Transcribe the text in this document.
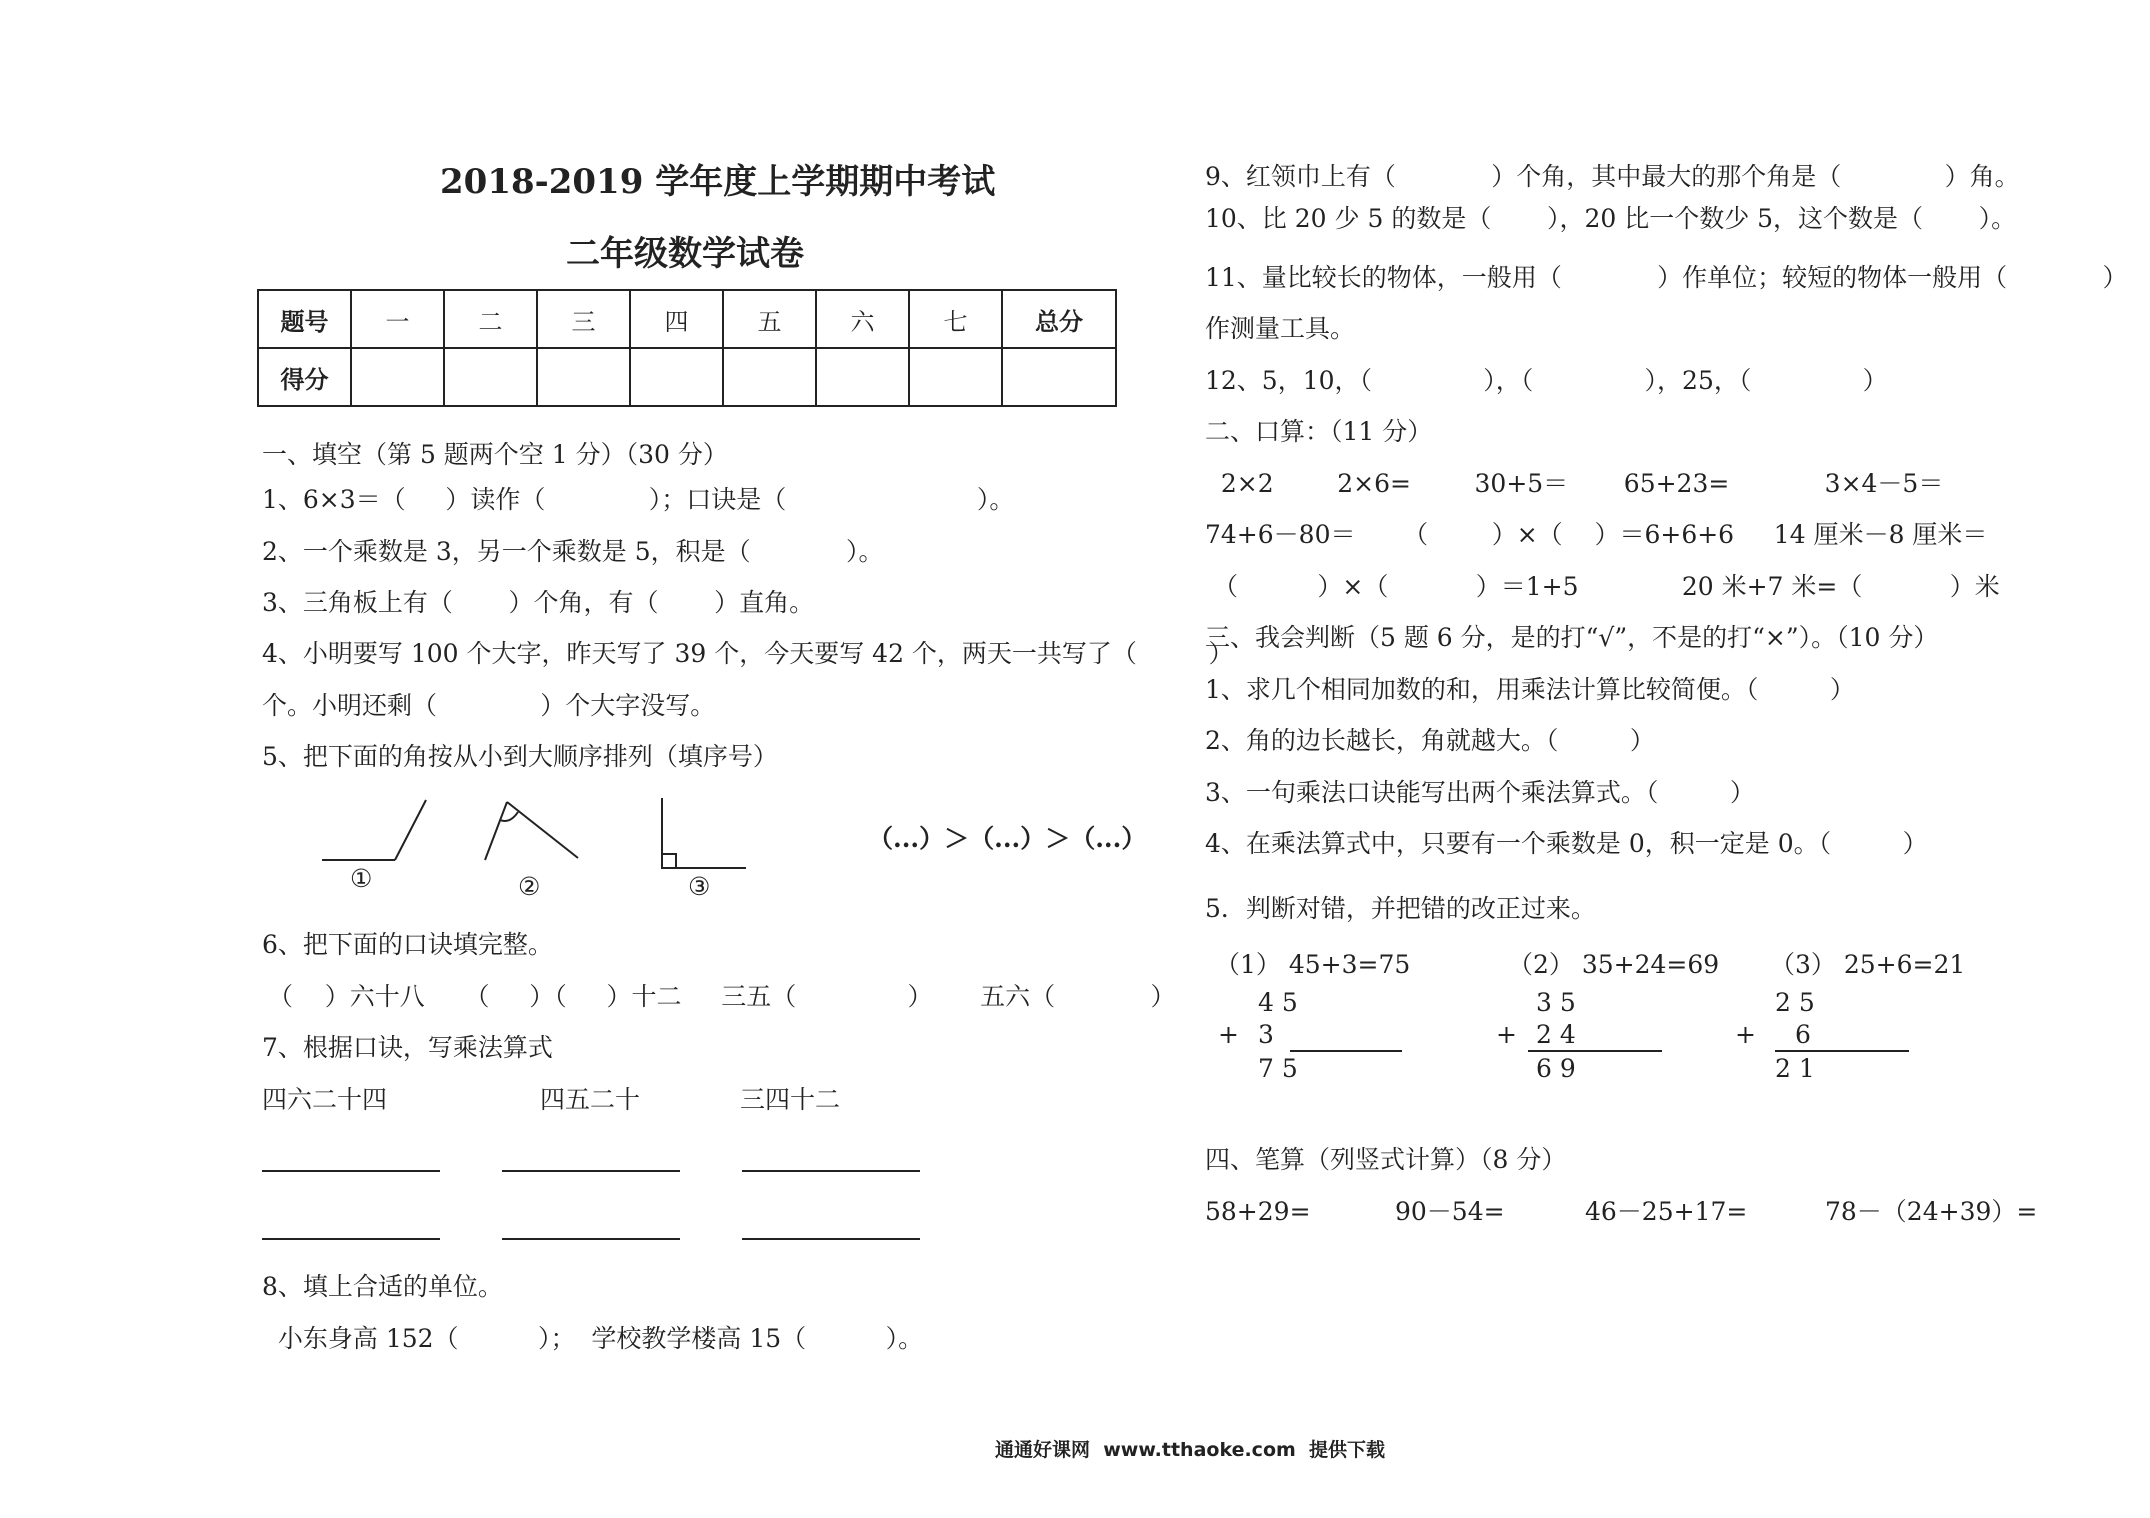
2018-2019 学年度上学期期中考试
二年级数学试卷
题号	一	二	三	四	五	六	七	总分
得分								
一、填空（第 5 题两个空 1 分）（30 分）
1、6×3＝（     ）读作（             ）；口诀是（                        ）。
2、一个乘数是 3，另一个乘数是 5，积是（            ）。
3、三角板上有（       ）个角，有（       ）直角。
4、小明要写 100 个大字，昨天写了 39 个，今天要写 42 个，两天一共写了（         ）
个。小明还剩（             ）个大字没写。
5、把下面的角按从小到大顺序排列（填序号）
①	②	③
（...）＞（...）＞（...）
6、把下面的口诀填完整。
（    ）六十八     （     ）（     ）十二     三五（              ）      五六（            ）
7、根据口诀，写乘法算式
四六二十四	四五二十	三四十二
8、填上合适的单位。
小东身高 152（          ）；  学校教学楼高 15（          ）。
9、红领巾上有（            ）个角，其中最大的那个角是（             ）角。
10、比 20 少 5 的数是（       ），20 比一个数少 5，这个数是（       ）。
11、量比较长的物体，一般用（            ）作单位；较短的物体一般用（            ）
作测量工具。
12、5，10，（              ），（              ），25，（              ）
二、口算：（11 分）
2×2        2×6=        30+5＝       65+23=            3×4－5＝
74+6－80＝      （        ）×（    ）＝6+6+6     14 厘米－8 厘米＝
（          ）×（           ）＝1+5             20 米+7 米=（           ）米
三、我会判断（5 题 6 分，是的打“√”，不是的打“×”）。（10 分）
1、求几个相同加数的和，用乘法计算比较简便。（         ）
2、角的边长越长，角就越大。（         ）
3、一句乘法口诀能写出两个乘法算式。（         ）
4、在乘法算式中，只要有一个乘数是 0，积一定是 0。（         ）
5．判断对错，并把错的改正过来。
（1） 45+3=75	（2） 35+24=69 （3） 25+6=21
4 5
+ 3
7 5
3 5
+ 2 4
6 9
2 5
+ 6
2 1
四、笔算（列竖式计算）（8 分）
58+29=	90－54=	46－25+17=	78－（24+39）=
通通好课网  www.tthaoke.com  提供下载
